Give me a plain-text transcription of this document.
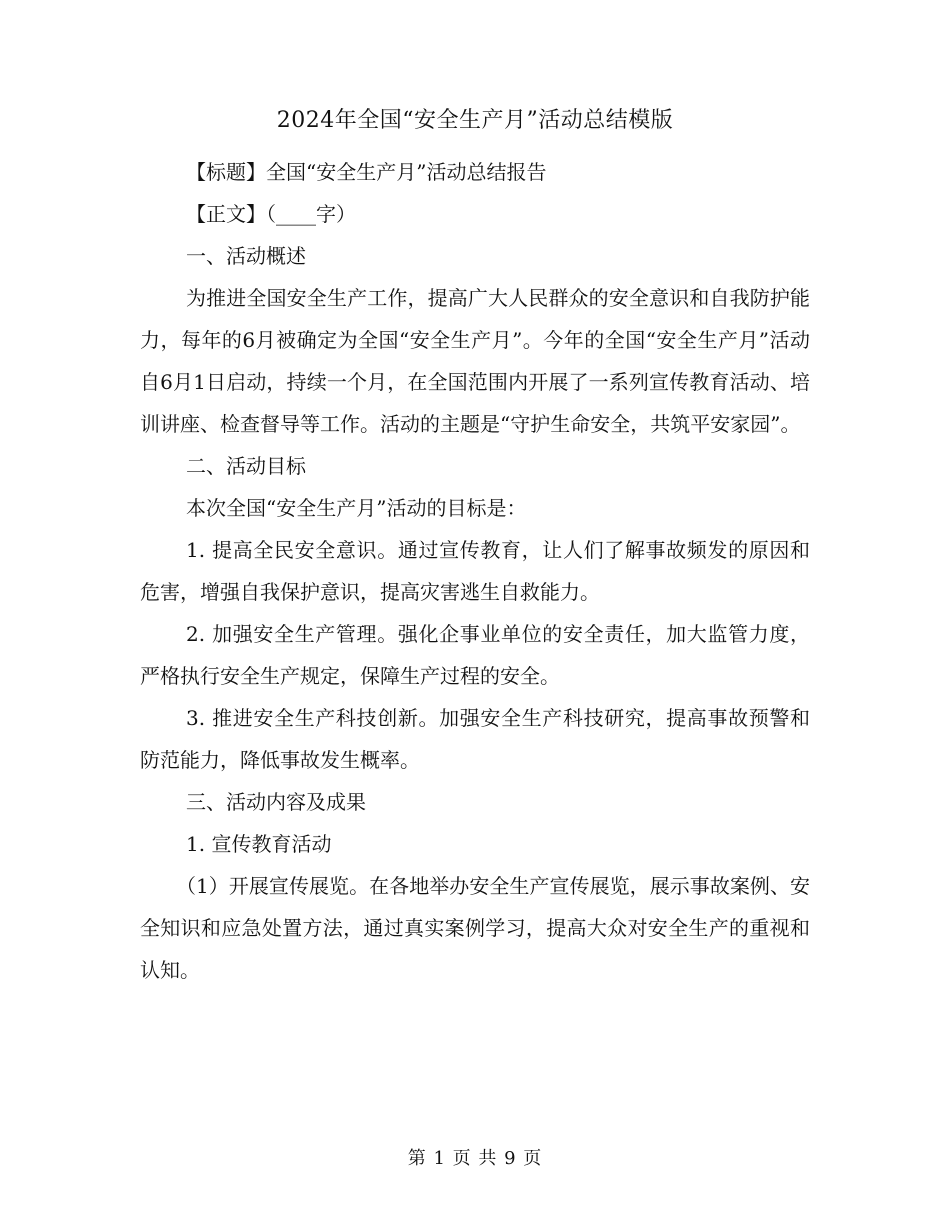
2024年全国“安全生产月”活动总结模版

【标题】全国“安全生产月”活动总结报告

【正文】（____字）

一、活动概述

为推进全国安全生产工作，提高广大人民群众的安全意识和自我防护能力，每年的6月被确定为全国“安全生产月”。今年的全国“安全生产月”活动自6月1日启动，持续一个月，在全国范围内开展了一系列宣传教育活动、培训讲座、检查督导等工作。活动的主题是“守护生命安全，共筑平安家园”。

二、活动目标

本次全国“安全生产月”活动的目标是：

1. 提高全民安全意识。通过宣传教育，让人们了解事故频发的原因和危害，增强自我保护意识，提高灾害逃生自救能力。

2. 加强安全生产管理。强化企事业单位的安全责任，加大监管力度，严格执行安全生产规定，保障生产过程的安全。

3. 推进安全生产科技创新。加强安全生产科技研究，提高事故预警和防范能力，降低事故发生概率。

三、活动内容及成果

1. 宣传教育活动

（1）开展宣传展览。在各地举办安全生产宣传展览，展示事故案例、安全知识和应急处置方法，通过真实案例学习，提高大众对安全生产的重视和认知。

第 1 页 共 9 页
